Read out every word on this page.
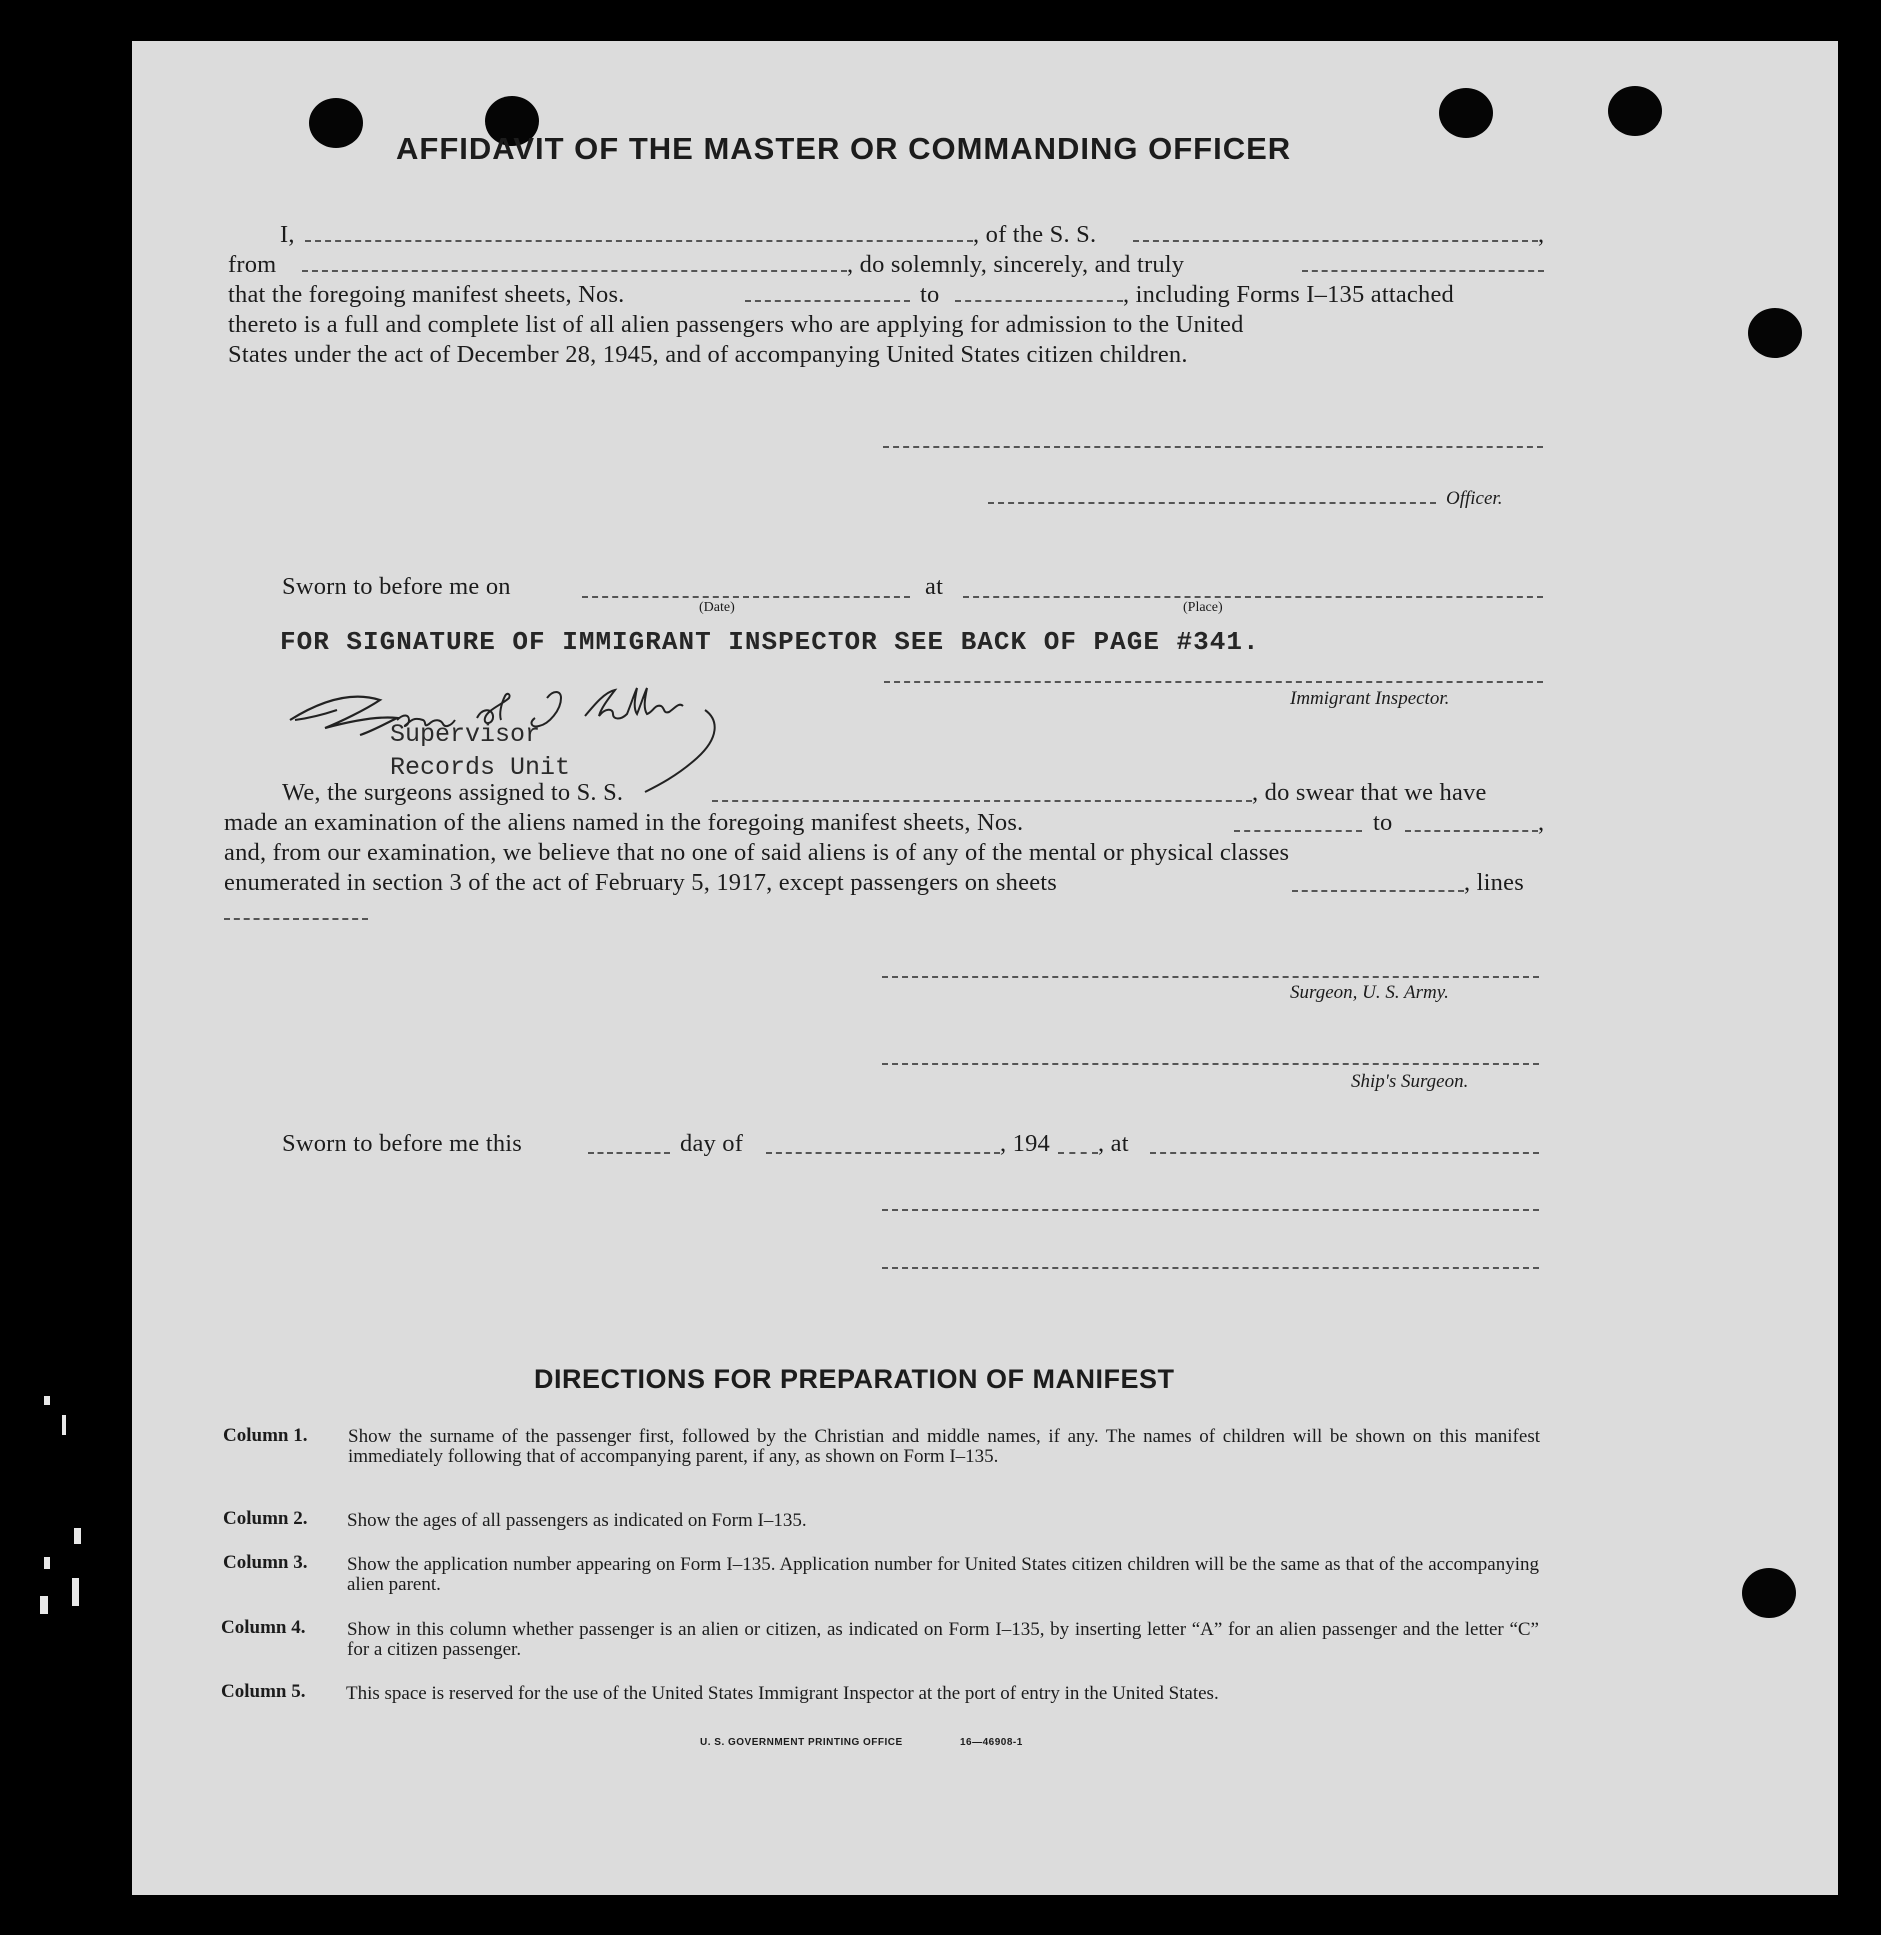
AFFIDAVIT OF THE MASTER OR COMMANDING OFFICER
I,	, of the S. S.	,
from	, do solemnly, sincerely, and truly
that the foregoing manifest sheets, Nos.	to	, including Forms I–135 attached
thereto is a full and complete list of all alien passengers who are applying for admission to the United
States under the act of December 28, 1945, and of accompanying United States citizen children.
Officer.
Sworn to before me on	at
(Date)	(Place)
FOR SIGNATURE OF IMMIGRANT INSPECTOR SEE BACK OF PAGE #341.
Immigrant Inspector.
Supervisor
Records Unit
We, the surgeons assigned to S. S.	, do swear that we have
made an examination of the aliens named in the foregoing manifest sheets, Nos.	to	,
and, from our examination, we believe that no one of said aliens is of any of the mental or physical classes
enumerated in section 3 of the act of February 5, 1917, except passengers on sheets	, lines
Surgeon, U. S. Army.
Ship's Surgeon.
Sworn to before me this	day of	, 194 , at
DIRECTIONS FOR PREPARATION OF MANIFEST
Column 1. Show the surname of the passenger first, followed by the Christian and middle names, if any. The names of children will be shown on this manifest immediately following that of accompanying parent, if any, as shown on Form I–135.
Column 2. Show the ages of all passengers as indicated on Form I–135.
Column 3. Show the application number appearing on Form I–135. Application number for United States citizen children will be the same as that of the accompanying alien parent.
Column 4. Show in this column whether passenger is an alien or citizen, as indicated on Form I–135, by inserting letter “A” for an alien passenger and the letter “C” for a citizen passenger.
Column 5. This space is reserved for the use of the United States Immigrant Inspector at the port of entry in the United States.
U. S. GOVERNMENT PRINTING OFFICE	16—46908-1
